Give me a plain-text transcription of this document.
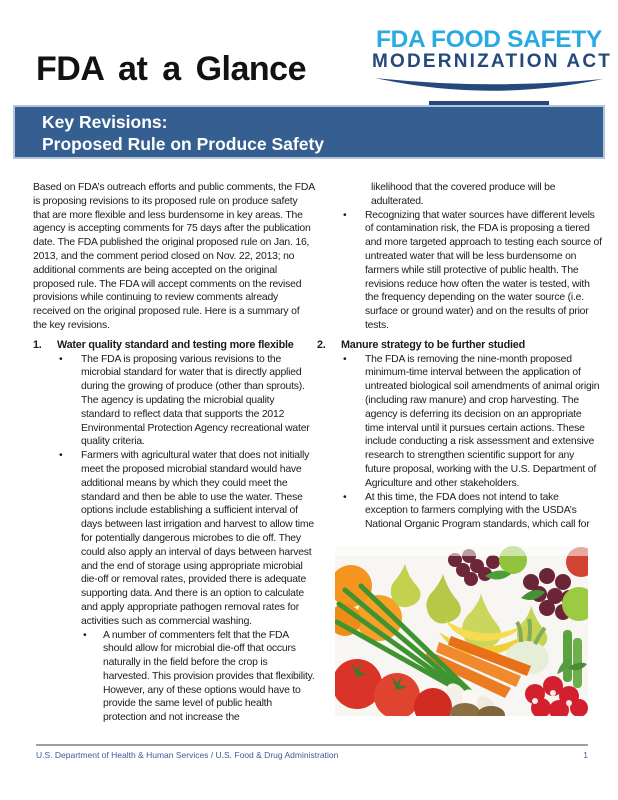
FDA at a Glance
FDA FOOD SAFETY
MODERNIZATION ACT
Key Revisions:
Proposed Rule on Produce Safety

Based on FDA’s outreach efforts and public comments, the FDA is proposing revisions to its proposed rule on produce safety that are more flexible and less burdensome in key areas. The agency is accepting comments for 75 days after the publication date. The FDA published the original proposed rule on Jan. 16, 2013, and the comment period closed on Nov. 22, 2013; no additional comments are being accepted on the original proposed rule. The FDA will accept comments on the revised provisions while continuing to review comments already received on the original proposed rule. Here is a summary of the key revisions.

1.	Water quality standard and testing more flexible
• The FDA is proposing various revisions to the microbial standard for water that is directly applied during the growing of produce (other than sprouts). The agency is updating the microbial quality standard to reflect data that supports the 2012 Environmental Protection Agency recreational water quality criteria.
• Farmers with agricultural water that does not initially meet the proposed microbial standard would have additional means by which they could meet the standard and then be able to use the water. These options include establishing a sufficient interval of days between last irrigation and harvest to allow time for potentially dangerous microbes to die off. They could also apply an interval of days between harvest and the end of storage using appropriate microbial die-off or removal rates, provided there is adequate supporting data. And there is an option to calculate and apply appropriate pathogen removal rates for activities such as commercial washing.
• A number of commenters felt that the FDA should allow for microbial die-off that occurs naturally in the field before the crop is harvested. This provision provides that flexibility. However, any of these options would have to provide the same level of public health protection and not increase the
likelihood that the covered produce will be adulterated.
• Recognizing that water sources have different levels of contamination risk, the FDA is proposing a tiered and more targeted approach to testing each source of untreated water that will be less burdensome on farmers while still protective of public health. The revisions reduce how often the water is tested, with the frequency depending on the water source (i.e. surface or ground water) and on the results of prior tests.
2.	Manure strategy to be further studied
• The FDA is removing the nine-month proposed minimum-time interval between the application of untreated biological soil amendments of animal origin (including raw manure) and crop harvesting. The agency is deferring its decision on an appropriate time interval until it pursues certain actions. These include conducting a risk assessment and extensive research to strengthen scientific support for any future proposal, working with the U.S. Department of Agriculture and other stakeholders.
• At this time, the FDA does not intend to take exception to farmers complying with the USDA’s National Organic Program standards, which call for
U.S. Department of Health & Human Services / U.S. Food & Drug Administration	1
